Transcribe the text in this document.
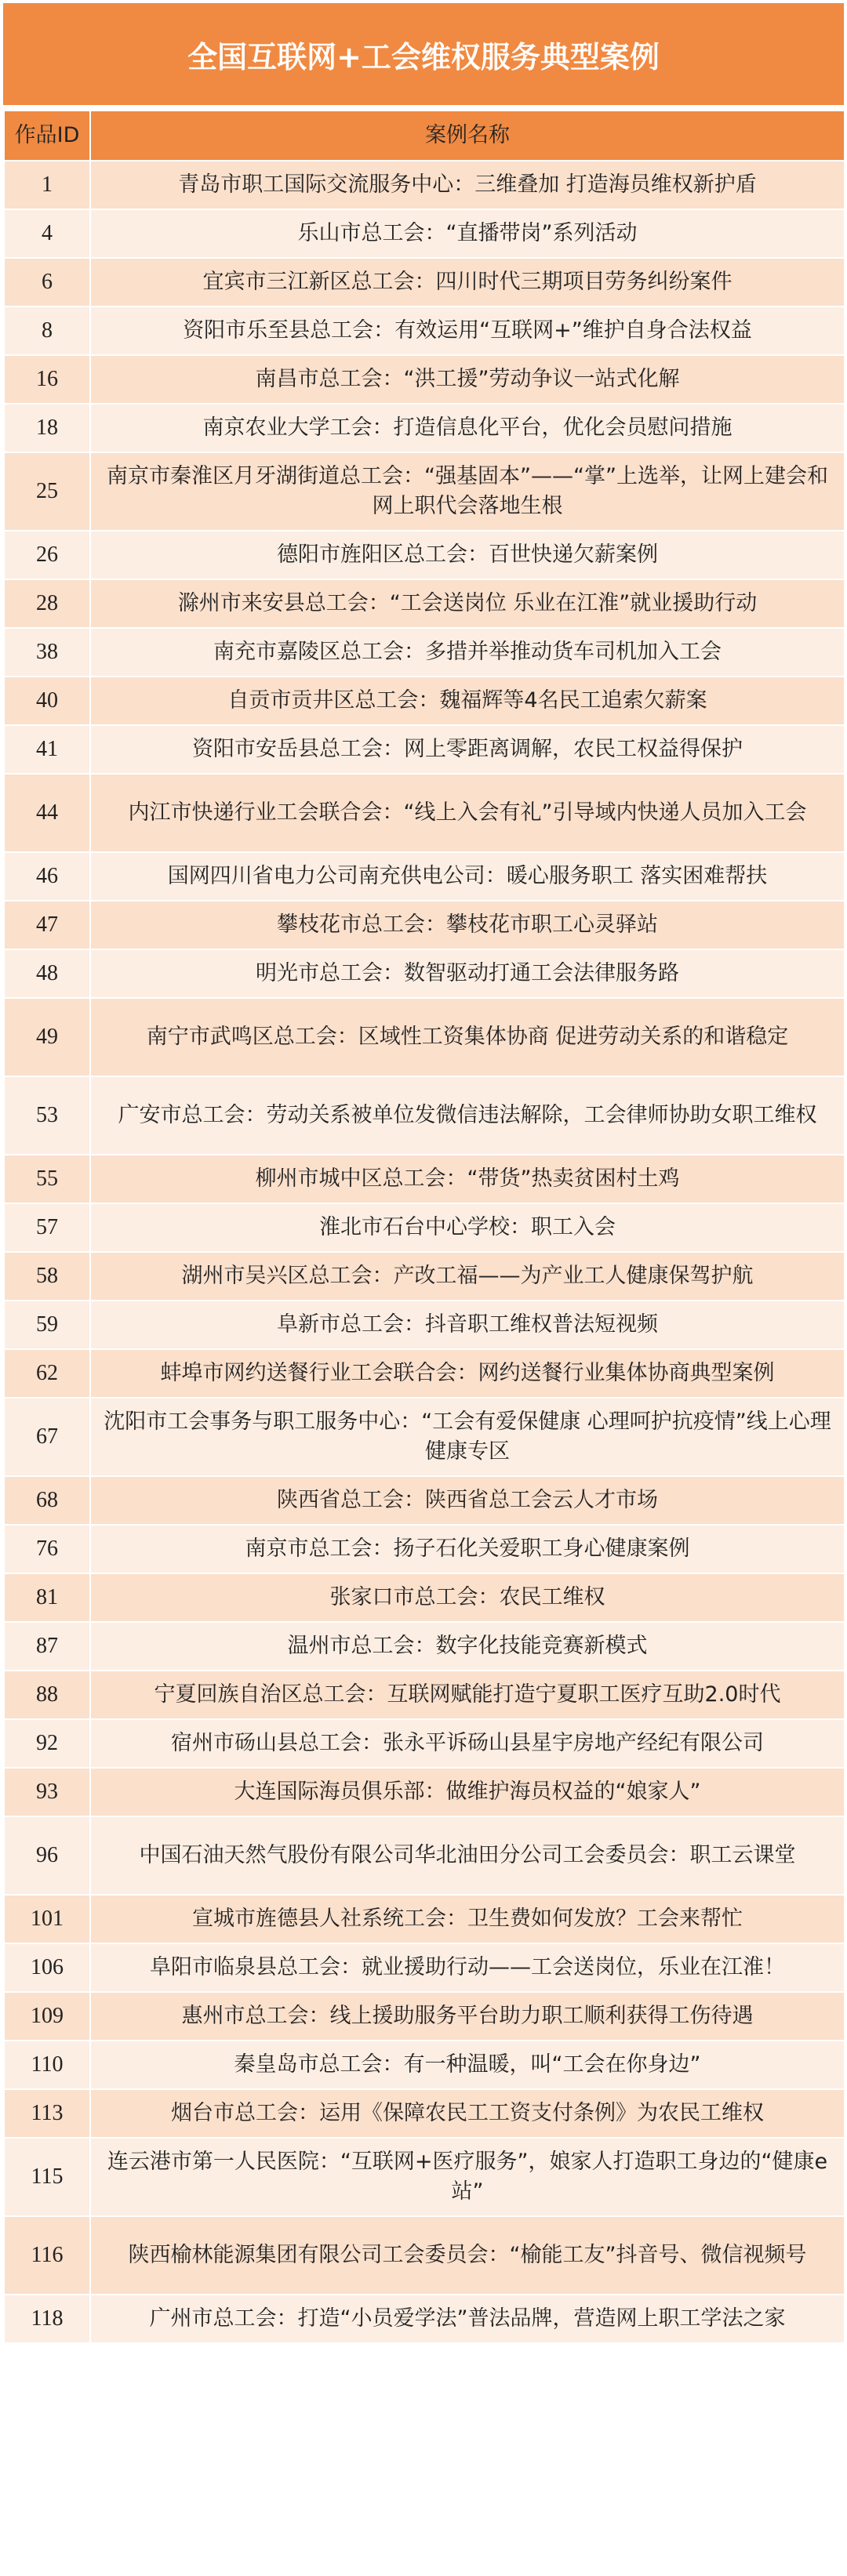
全国互联网+工会维权服务典型案例
作品ID	案例名称
1	青岛市职工国际交流服务中心：三维叠加 打造海员维权新护盾
4	乐山市总工会：“直播带岗”系列活动
6	宜宾市三江新区总工会：四川时代三期项目劳务纠纷案件
8	资阳市乐至县总工会：有效运用“互联网+”维护自身合法权益
16	南昌市总工会：“洪工援”劳动争议一站式化解
18	南京农业大学工会：打造信息化平台，优化会员慰问措施
25	南京市秦淮区月牙湖街道总工会：“强基固本”——“掌”上选举，让网上建会和网上职代会落地生根
26	德阳市旌阳区总工会：百世快递欠薪案例
28	滁州市来安县总工会：“工会送岗位 乐业在江淮”就业援助行动
38	南充市嘉陵区总工会：多措并举推动货车司机加入工会
40	自贡市贡井区总工会：魏福辉等4名民工追索欠薪案
41	资阳市安岳县总工会：网上零距离调解，农民工权益得保护
44	内江市快递行业工会联合会：“线上入会有礼”引导域内快递人员加入工会
46	国网四川省电力公司南充供电公司：暖心服务职工 落实困难帮扶
47	攀枝花市总工会：攀枝花市职工心灵驿站
48	明光市总工会：数智驱动打通工会法律服务路
49	南宁市武鸣区总工会：区域性工资集体协商 促进劳动关系的和谐稳定
53	广安市总工会：劳动关系被单位发微信违法解除，工会律师协助女职工维权
55	柳州市城中区总工会：“带货”热卖贫困村土鸡
57	淮北市石台中心学校：职工入会
58	湖州市吴兴区总工会：产改工福——为产业工人健康保驾护航
59	阜新市总工会：抖音职工维权普法短视频
62	蚌埠市网约送餐行业工会联合会：网约送餐行业集体协商典型案例
67	沈阳市工会事务与职工服务中心：“工会有爱保健康 心理呵护抗疫情”线上心理健康专区
68	陕西省总工会：陕西省总工会云人才市场
76	南京市总工会：扬子石化关爱职工身心健康案例
81	张家口市总工会：农民工维权
87	温州市总工会：数字化技能竞赛新模式
88	宁夏回族自治区总工会：互联网赋能打造宁夏职工医疗互助2.0时代
92	宿州市砀山县总工会：张永平诉砀山县星宇房地产经纪有限公司
93	大连国际海员俱乐部：做维护海员权益的“娘家人”
96	中国石油天然气股份有限公司华北油田分公司工会委员会：职工云课堂
101	宣城市旌德县人社系统工会：卫生费如何发放？工会来帮忙
106	阜阳市临泉县总工会：就业援助行动——工会送岗位，乐业在江淮！
109	惠州市总工会：线上援助服务平台助力职工顺利获得工伤待遇
110	秦皇岛市总工会：有一种温暖，叫“工会在你身边”
113	烟台市总工会：运用《保障农民工工资支付条例》为农民工维权
115	连云港市第一人民医院：“互联网+医疗服务”，娘家人打造职工身边的“健康e站”
116	陕西榆林能源集团有限公司工会委员会：“榆能工友”抖音号、微信视频号
118	广州市总工会：打造“小员爱学法”普法品牌，营造网上职工学法之家
